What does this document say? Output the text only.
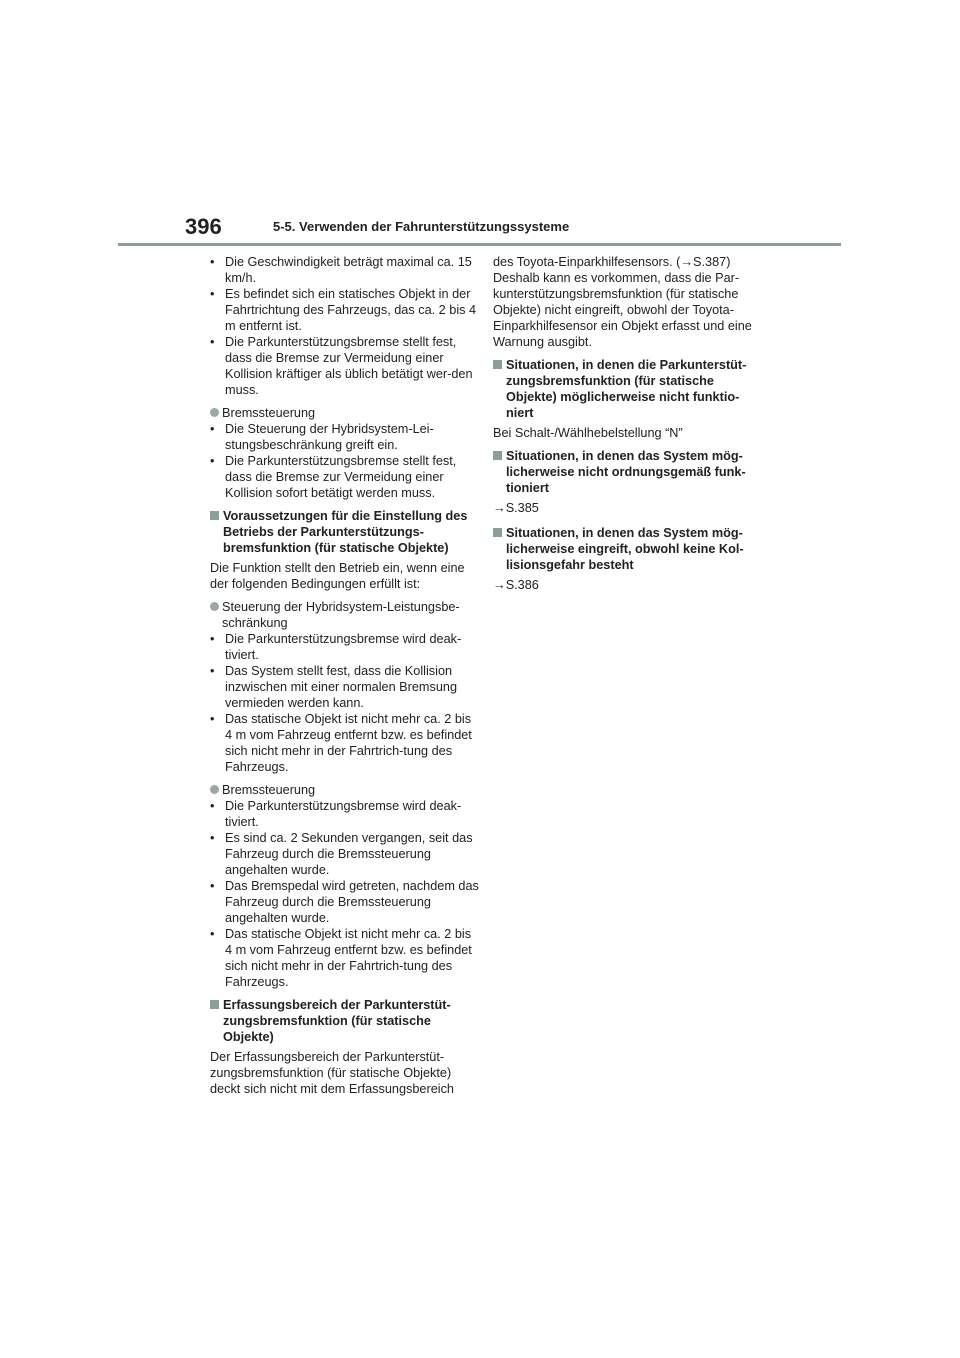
396	5-5. Verwenden der Fahrunterstützungssysteme
• Die Geschwindigkeit beträgt maximal ca. 15 km/h.
• Es befindet sich ein statisches Objekt in der Fahrtrichtung des Fahrzeugs, das ca. 2 bis 4 m entfernt ist.
• Die Parkunterstützungsbremse stellt fest, dass die Bremse zur Vermeidung einer Kollision kräftiger als üblich betätigt wer-den muss.
Bremssteuerung
• Die Steuerung der Hybridsystem-Lei-stungsbeschränkung greift ein.
• Die Parkunterstützungsbremse stellt fest, dass die Bremse zur Vermeidung einer Kollision sofort betätigt werden muss.
Voraussetzungen für die Einstellung des Betriebs der Parkunterstützungs-bremsfunktion (für statische Objekte)

Die Funktion stellt den Betrieb ein, wenn eine der folgenden Bedingungen erfüllt ist:

Steuerung der Hybridsystem-Leistungsbe-schränkung
• Die Parkunterstützungsbremse wird deak-tiviert.
• Das System stellt fest, dass die Kollision inzwischen mit einer normalen Bremsung vermieden werden kann.
• Das statische Objekt ist nicht mehr ca. 2 bis 4 m vom Fahrzeug entfernt bzw. es befindet sich nicht mehr in der Fahrtrich-tung des Fahrzeugs.
Bremssteuerung
• Die Parkunterstützungsbremse wird deak-tiviert.
• Es sind ca. 2 Sekunden vergangen, seit das Fahrzeug durch die Bremssteuerung angehalten wurde.
• Das Bremspedal wird getreten, nachdem das Fahrzeug durch die Bremssteuerung angehalten wurde.
• Das statische Objekt ist nicht mehr ca. 2 bis 4 m vom Fahrzeug entfernt bzw. es befindet sich nicht mehr in der Fahrtrich-tung des Fahrzeugs.
Erfassungsbereich der Parkunterstüt-zungsbremsfunktion (für statische Objekte)

Der Erfassungsbereich der Parkunterstüt-zungsbremsfunktion (für statische Objekte) deckt sich nicht mit dem Erfassungsbereich

des Toyota-Einparkhilfesensors. (→S.387) Deshalb kann es vorkommen, dass die Par-kunterstützungsbremsfunktion (für statische Objekte) nicht eingreift, obwohl der Toyota-Einparkhilfesensor ein Objekt erfasst und eine Warnung ausgibt.

Situationen, in denen die Parkunterstüt-zungsbremsfunktion (für statische Objekte) möglicherweise nicht funktio-niert

Bei Schalt-/Wählhebelstellung “N”

Situationen, in denen das System mög-licherweise nicht ordnungsgemäß funk-tioniert
→S.385
Situationen, in denen das System mög-licherweise eingreift, obwohl keine Kol-lisionsgefahr besteht
→S.386
